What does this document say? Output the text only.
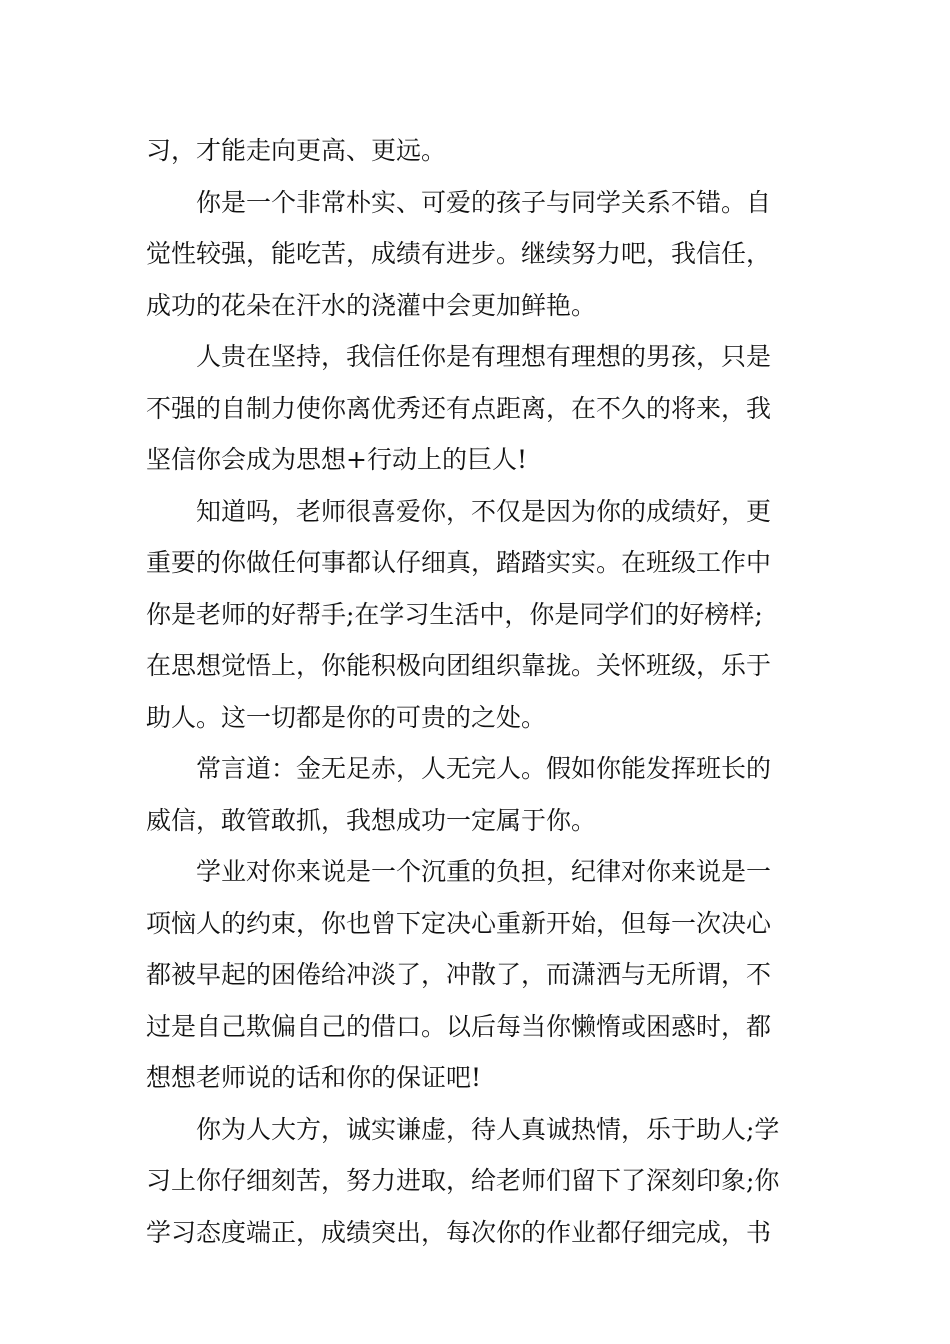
习，才能走向更高、更远。
你是一个非常朴实、可爱的孩子与同学关系不错。自
觉性较强，能吃苦，成绩有进步。继续努力吧，我信任，
成功的花朵在汗水的浇灌中会更加鲜艳。
人贵在坚持，我信任你是有理想有理想的男孩，只是
不强的自制力使你离优秀还有点距离，在不久的将来，我
坚信你会成为思想+行动上的巨人!
知道吗，老师很喜爱你，不仅是因为你的成绩好，更
重要的你做任何事都认仔细真，踏踏实实。在班级工作中
你是老师的好帮手;在学习生活中，你是同学们的好榜样;
在思想觉悟上，你能积极向团组织靠拢。关怀班级，乐于
助人。这一切都是你的可贵的之处。
常言道：金无足赤，人无完人。假如你能发挥班长的
威信，敢管敢抓，我想成功一定属于你。
学业对你来说是一个沉重的负担，纪律对你来说是一
项恼人的约束，你也曾下定决心重新开始，但每一次决心
都被早起的困倦给冲淡了，冲散了，而潇洒与无所谓，不
过是自己欺偏自己的借口。以后每当你懒惰或困惑时，都
想想老师说的话和你的保证吧!
你为人大方，诚实谦虚，待人真诚热情，乐于助人;学
习上你仔细刻苦，努力进取，给老师们留下了深刻印象;你
学习态度端正，成绩突出，每次你的作业都仔细完成，书
